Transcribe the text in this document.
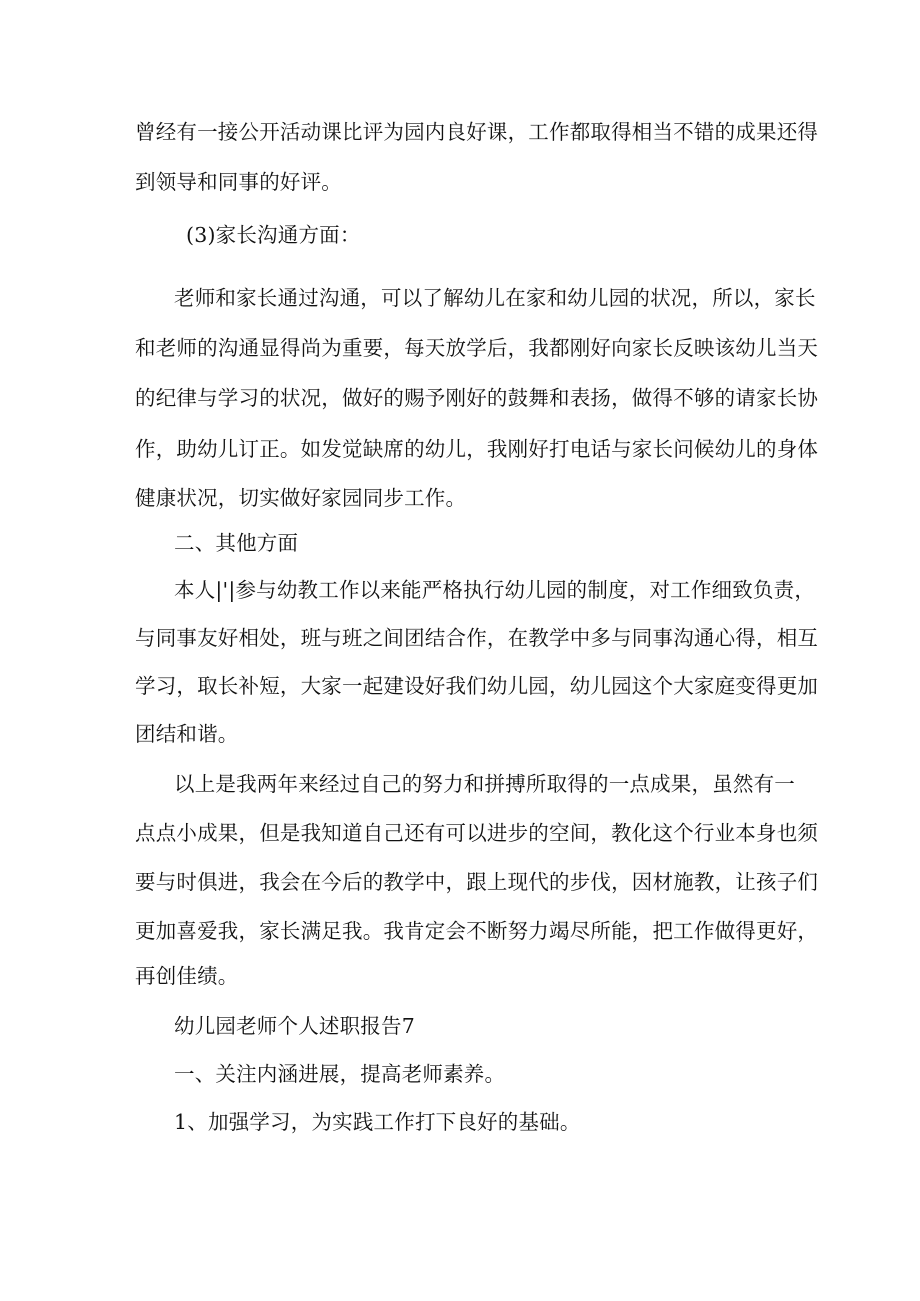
曾经有一接公开活动课比评为园内良好课，工作都取得相当不错的成果还得
到领导和同事的好评。
(3)家长沟通方面：
老师和家长通过沟通，可以了解幼儿在家和幼儿园的状况，所以，家长
和老师的沟通显得尚为重要，每天放学后，我都刚好向家长反映该幼儿当天
的纪律与学习的状况，做好的赐予刚好的鼓舞和表扬，做得不够的请家长协
作，助幼儿订正。如发觉缺席的幼儿，我刚好打电话与家长问候幼儿的身体
健康状况，切实做好家园同步工作。
二、其他方面
本人|'|参与幼教工作以来能严格执行幼儿园的制度，对工作细致负责，
与同事友好相处，班与班之间团结合作，在教学中多与同事沟通心得，相互
学习，取长补短，大家一起建设好我们幼儿园，幼儿园这个大家庭变得更加
团结和谐。
以上是我两年来经过自己的努力和拼搏所取得的一点成果，虽然有一
点点小成果，但是我知道自己还有可以进步的空间，教化这个行业本身也须
要与时俱进，我会在今后的教学中，跟上现代的步伐，因材施教，让孩子们
更加喜爱我，家长满足我。我肯定会不断努力竭尽所能，把工作做得更好，
再创佳绩。
幼儿园老师个人述职报告7
一、关注内涵进展，提高老师素养。
1、加强学习，为实践工作打下良好的基础。
